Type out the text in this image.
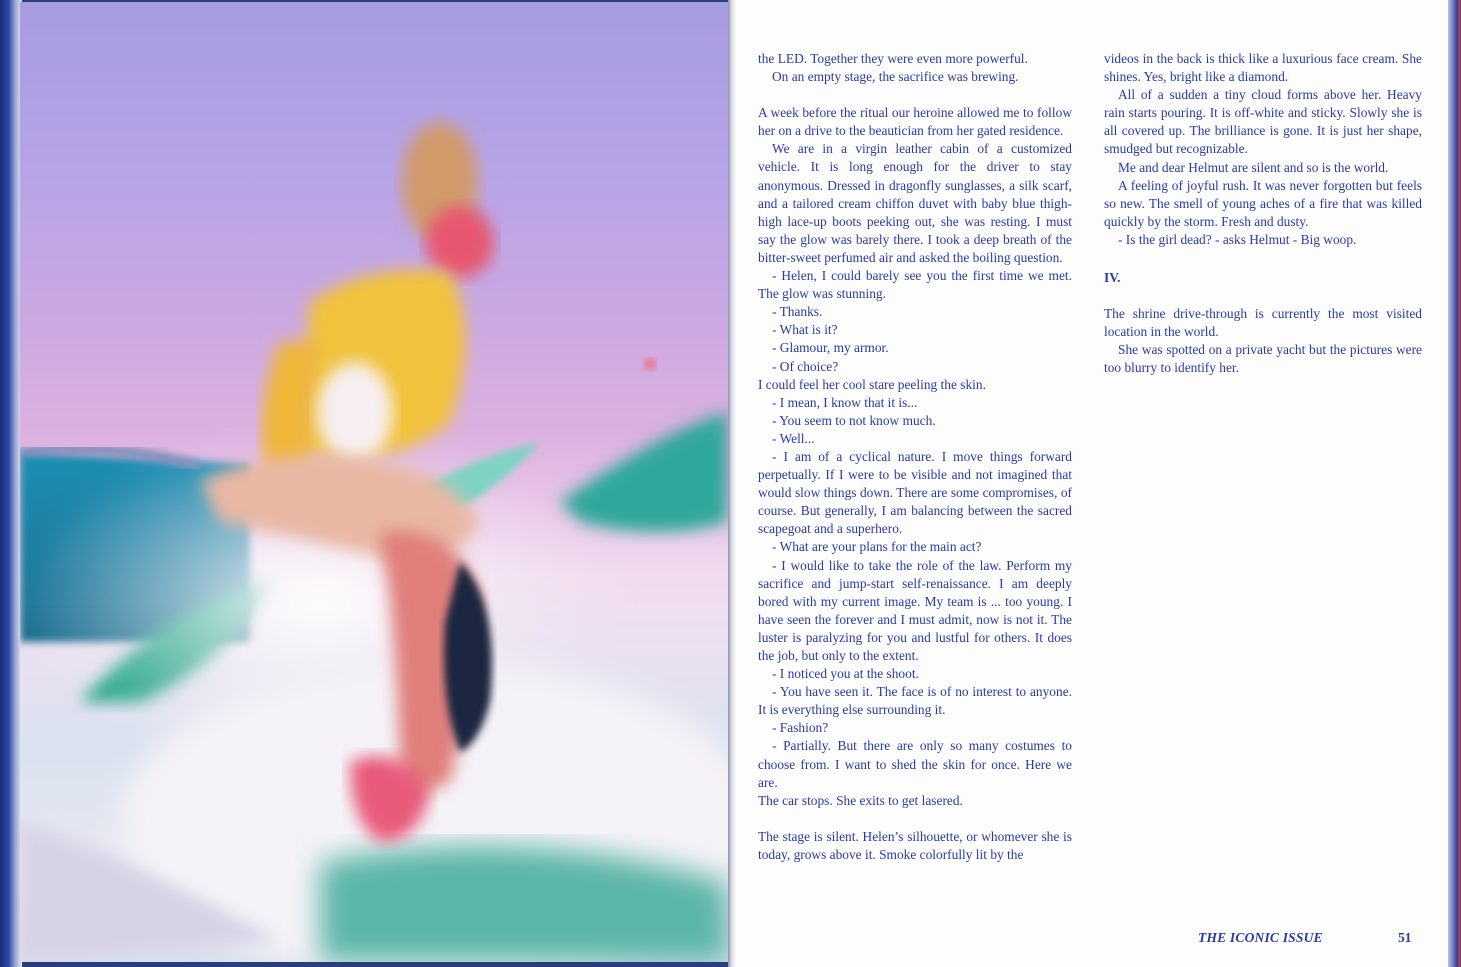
the LED. Together they were even more powerful.

On an empty stage, the sacrifice was brewing.

A week before the ritual our heroine allowed me to follow her on a drive to the beautician from her gated residence.

We are in a virgin leather cabin of a customized vehicle. It is long enough for the driver to stay anonymous. Dressed in dragonfly sunglasses, a silk scarf, and a tailored cream chiffon duvet with baby blue thigh-high lace-up boots peeking out, she was resting. I must say the glow was barely there. I took a deep breath of the bitter-sweet perfumed air and asked the boiling question.

- Helen, I could barely see you the first time we met. The glow was stunning.

- Thanks.

- What is it?

- Glamour, my armor.

- Of choice?

I could feel her cool stare peeling the skin.

- I mean, I know that it is...

- You seem to not know much.

- Well...

- I am of a cyclical nature. I move things forward perpetually. If I were to be visible and not imagined that would slow things down. There are some compromises, of course. But generally, I am balancing between the sacred scapegoat and a superhero.

- What are your plans for the main act?

- I would like to take the role of the law. Perform my sacrifice and jump-start self-renaissance. I am deeply bored with my current image. My team is ... too young. I have seen the forever and I must admit, now is not it. The luster is paralyzing for you and lustful for others. It does the job, but only to the extent.

- I noticed you at the shoot.

- You have seen it. The face is of no interest to anyone. It is everything else surrounding it.

- Fashion?

- Partially. But there are only so many costumes to choose from. I want to shed the skin for once. Here we are.

The car stops. She exits to get lasered.

The stage is silent. Helen’s silhouette, or whomever she is today, grows above it. Smoke colorfully lit by the

videos in the back is thick like a luxurious face cream. She shines. Yes, bright like a diamond.

All of a sudden a tiny cloud forms above her. Heavy rain starts pouring. It is off-white and sticky. Slowly she is all covered up. The brilliance is gone. It is just her shape, smudged but recognizable.

Me and dear Helmut are silent and so is the world.

A feeling of joyful rush. It was never forgotten but feels so new. The smell of young aches of a fire that was killed quickly by the storm. Fresh and dusty.

- Is the girl dead? - asks Helmut - Big woop.

IV.

The shrine drive-through is currently the most visited location in the world.

She was spotted on a private yacht but the pictures were too blurry to identify her.

THE ICONIC ISSUE	51
